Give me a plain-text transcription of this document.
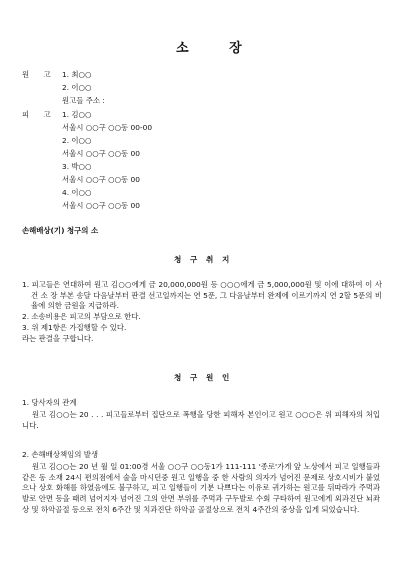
소 장
원 고 1. 최○○
2. 이○○
원고들 주소 :
피 고 1. 김○○
서울시 ○○구 ○○동 00-00
2. 이○○
서울시 ○○구 ○○동 00
3. 박○○
서울시 ○○구 ○○동 00
4. 이○○
서울시 ○○구 ○○동 00
손해배상(기) 청구의 소
청 구 취 지

1. 피고들은 연대하여 원고 김○○에게 금 20,000,000원 등 ○○○에게 금 5,000,000원 및 이에 대하여 이 사건 소 장 부본 송달 다음날부터 판결 선고일까지는 연 5푼, 그 다음날부터 완제에 이르기까지 연 2할 5푼의 비율에 의한 금원을 지급하라.

2. 소송비용은 피고의 부담으로 한다.

3. 위 제1항은 가집행할 수 있다.

라는 판결을 구합니다.

청 구 원 인
1. 당사자의 관계
원고 김○○는 20 . . . 피고들로부터 집단으로 폭행을 당한 피해자 본인이고 원고 ○○○은 위 피해자의 처입니다.
2. 손해배상책임의 발생
원고 김○○는 20 년 월 일 01:00경 서울 ○○구 ○○동1가 111-111 '종로'가게 앞 노상에서 피고 일행들과 같은 동 소재 24시 편의점에서 술을 마시던중 원고 일행을 중 한 사람의 의자가 넘어진 문제로 상호시비가 붙었으나 상호 화해를 하였음에도 불구하고, 피고 일행들이 기분 나쁘다는 이유로 귀가하는 원고를 뒤따라가 주먹과 발로 안면 등을 때려 넘어지자 넘어진 그의 안면 부위를 주먹과 구두발로 수회 구타하여 원고에게 외과진단 뇌좌상 및 하악골절 등으로 전치 6주간 및 치과진단 하악골 골절상으로 전치 4주간의 중상을 입게 되었습니다.
